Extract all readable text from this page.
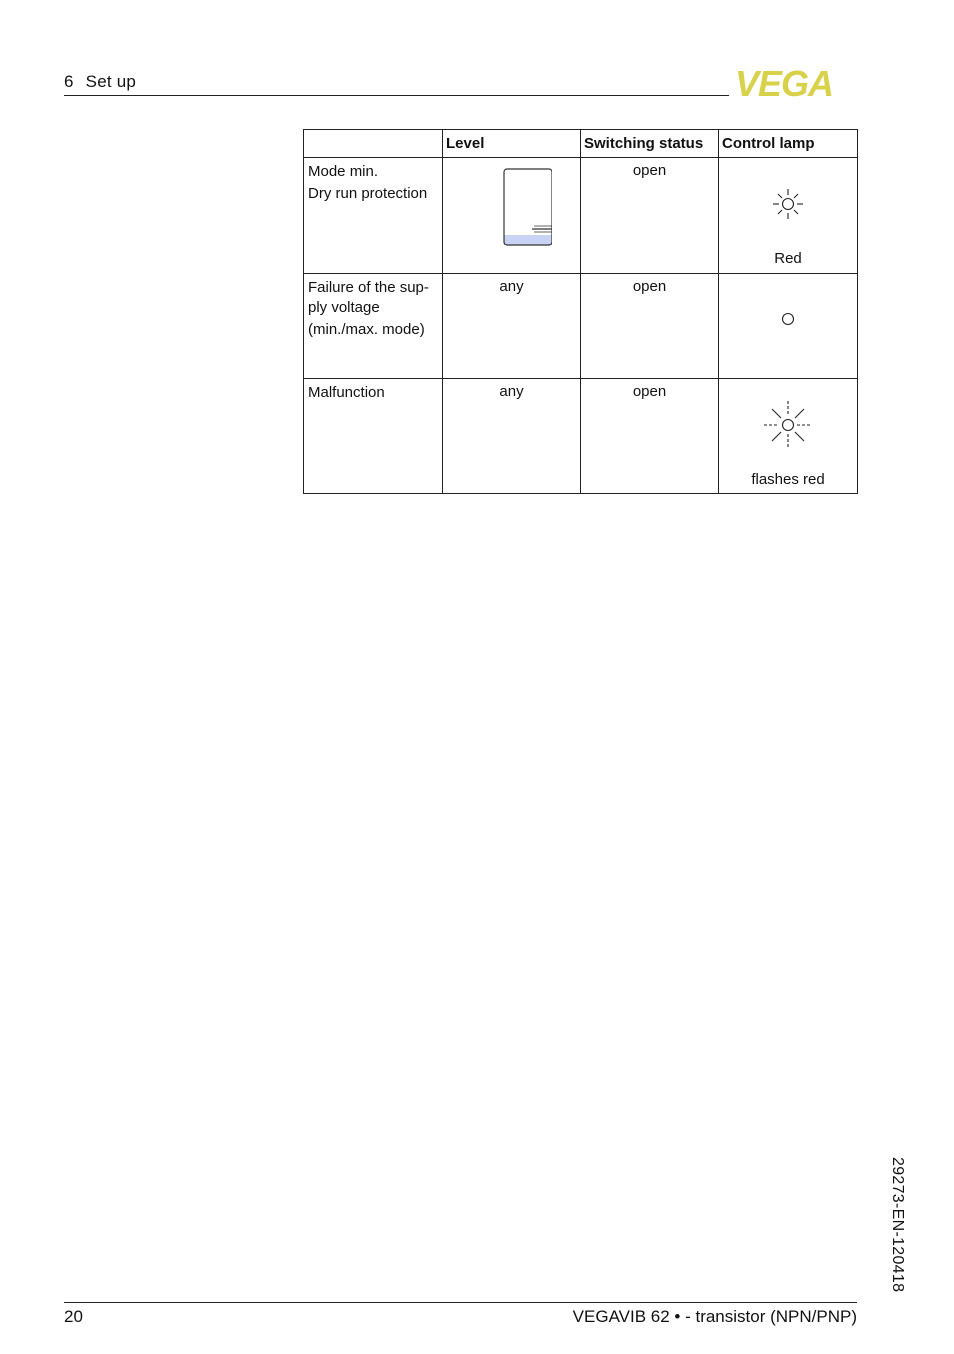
6 Set up	VEGA
	Level	Switching status	Control lamp

Mode min.
Dry run protection		open	Red

Failure of the sup-
ply voltage
(min./max. mode)	any	open	

Malfunction	any	open	flashes red
29273-EN-120418
20	VEGAVIB 62 • - transistor (NPN/PNP)
